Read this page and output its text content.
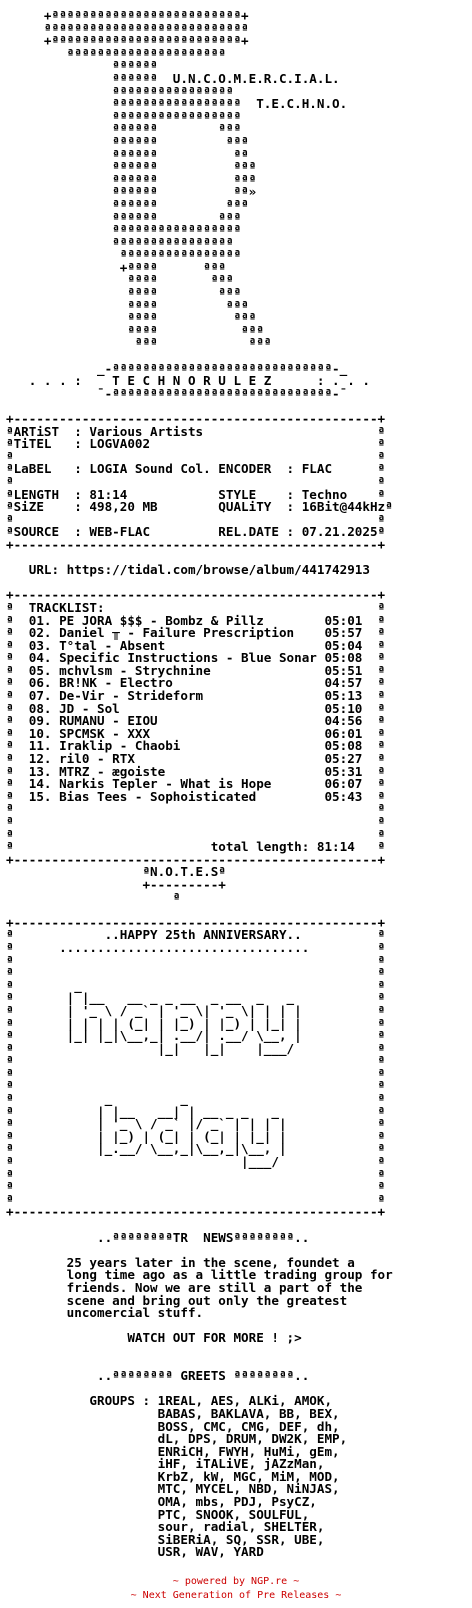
+ªªªªªªªªªªªªªªªªªªªªªªªªª+
ªªªªªªªªªªªªªªªªªªªªªªªªªªª
+ªªªªªªªªªªªªªªªªªªªªªªªªª+
ªªªªªªªªªªªªªªªªªªªªª
ªªªªªª
ªªªªªª  U.N.C.O.M.E.R.C.I.A.L.
ªªªªªªªªªªªªªªªª
ªªªªªªªªªªªªªªªªª  T.E.C.H.N.O.
ªªªªªªªªªªªªªªªªª
ªªªªªª        ªªª
ªªªªªª         ªªª
ªªªªªª          ªª
ªªªªªª          ªªª
ªªªªªª          ªªª
ªªªªªª          ªª»
ªªªªªª         ªªª
ªªªªªª        ªªª
ªªªªªªªªªªªªªªªªª
ªªªªªªªªªªªªªªªª
ªªªªªªªªªªªªªªªª
+ªªªª      ªªª
ªªªª       ªªª
ªªªª        ªªª
ªªªª         ªªª
ªªªª          ªªª
ªªªª           ªªª
ªªª            ªªª
_-ªªªªªªªªªªªªªªªªªªªªªªªªªªªªª-_
. . . :    T E C H N O R U L E Z      : . . .
¯-ªªªªªªªªªªªªªªªªªªªªªªªªªªªªª-¯
+------------------------------------------------+
ªARTiST  : Various Artists                       ª
ªTiTEL   : LOGVA002                              ª
ª                                                ª
ªLaBEL   : LOGIA Sound Col. ENCODER  : FLAC      ª
ª                                                ª
ªLENGTH  : 81:14            STYLE    : Techno    ª
ªSiZE    : 498,20 MB        QUALiTY  : 16Bit@44kHzª
ª                                                ª
ªSOURCE  : WEB-FLAC         REL.DATE : 07.21.2025ª
+------------------------------------------------+
URL: https://tidal.com/browse/album/441742913
+------------------------------------------------+
ª  TRACKLIST:                                    ª
ª  01. PE JORA $$$ - Bombz & Pillz        05:01  ª
ª  02. Daniel ╥ - Failure Prescription    05:57  ª
ª  03. T°tal - Absent                     05:04  ª
ª  04. Specific Instructions - Blue Sonar 05:08  ª
ª  05. mchvlsm - Strychnine               05:51  ª
ª  06. BR!NK - Electro                    04:57  ª
ª  07. De-Vir - Strideform                05:13  ª
ª  08. JD - Sol                           05:10  ª
ª  09. RUMANU - EIOU                      04:56  ª
ª  10. SPCMSK - XXX                       06:01  ª
ª  11. Iraklip - Chaobi                   05:08  ª
ª  12. ril0 - RTX                         05:27  ª
ª  13. MTRZ - ægoiste                     05:31  ª
ª  14. Narkis Tepler - What is Hope       06:07  ª
ª  15. Bias Tees - Sophoisticated         05:43  ª
ª                                                ª
ª                                                ª
ª                                                ª
ª                          total length: 81:14   ª
+------------------------------------------------+
ªN.O.T.E.Sª
+---------+
ª
+------------------------------------------------+
ª            ..HAPPY 25th ANNIVERSARY..          ª
ª      .................................         ª
ª                                                ª
ª                                                ª
ª        _                                       ª
ª       | |__   __ _ _ __  _ __  _   _           ª
ª       | '_ \ / _` | '_ \| '_ \| | | |          ª
ª       | | | | (_| | |_) | |_) | |_| |          ª
ª       |_| |_|\__,_| .__/| .__/ \__, |          ª
ª                   |_|   |_|    |___/           ª
ª                                                ª
ª                                                ª
ª                                                ª
ª            _         _                         ª
ª           | |__   __| | __ _ _   _             ª
ª           | '_ \ / _` |/ _` | | | |            ª
ª           | |_) | (_| | (_| | |_| |            ª
ª           |_.__/ \__,_|\__,_|\__, |            ª
ª                              |___/             ª
ª                                                ª
ª                                                ª
ª                                                ª
+------------------------------------------------+
..ªªªªªªªªTR  NEWSªªªªªªªª..
25 years later in the scene, foundet a
long time ago as a little trading group for
friends. Now we are still a part of the
scene and bring out only the greatest
uncomercial stuff.
WATCH OUT FOR MORE ! ;>
..ªªªªªªªª GREETS ªªªªªªªª..
GROUPS : 1REAL, AES, ALKi, AMOK,
BABAS, BAKLAVA, BB, BEX,
BOSS, CMC, CMG, DEF, dh,
dL, DPS, DRUM, DW2K, EMP,
ENRiCH, FWYH, HuMi, gEm,
iHF, iTALiVE, jAZzMan,
KrbZ, kW, MGC, MiM, MOD,
MTC, MYCEL, NBD, NiNJAS,
OMA, mbs, PDJ, PsyCZ,
PTC, SNOOK, SOULFUL,
sour, radial, SHELTER,
SiBERiA, SQ, SSR, UBE,
USR, WAV, YARD
~ powered by NGP.re ~
~ Next Generation of Pre Releases ~
